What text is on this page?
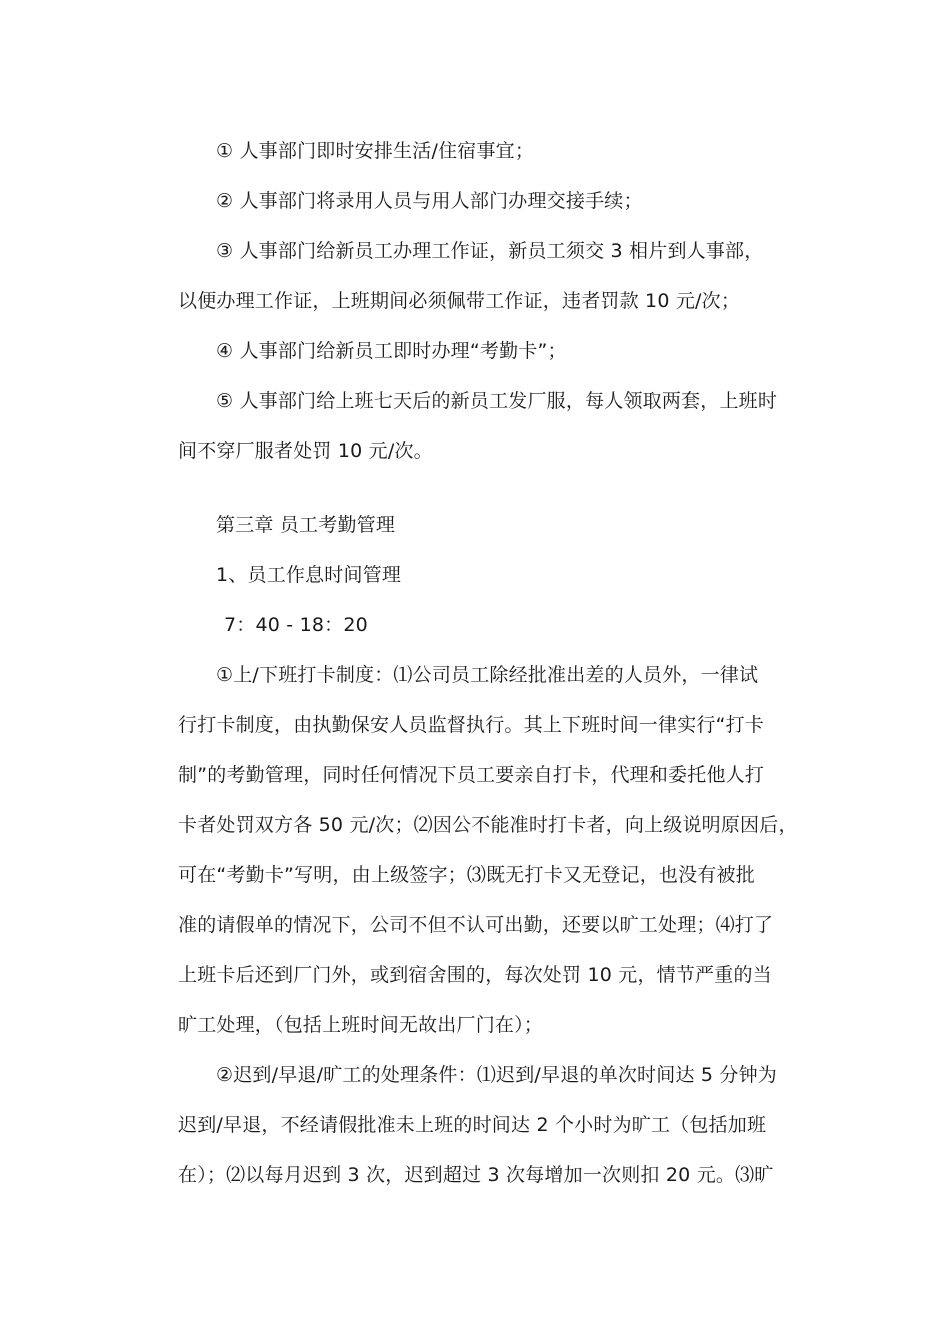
① 人事部门即时安排生活/住宿事宜；
② 人事部门将录用人员与用人部门办理交接手续；
③ 人事部门给新员工办理工作证，新员工须交 3 相片到人事部，
以便办理工作证，上班期间必须佩带工作证，违者罚款 10 元/次；
④ 人事部门给新员工即时办理“考勤卡”；
⑤ 人事部门给上班七天后的新员工发厂服，每人领取两套，上班时
间不穿厂服者处罚 10 元/次。
第三章 员工考勤管理
1、员工作息时间管理
7：40 - 18：20
①上/下班打卡制度：⑴公司员工除经批准出差的人员外，一律试
行打卡制度，由执勤保安人员监督执行。其上下班时间一律实行“打卡
制”的考勤管理，同时任何情况下员工要亲自打卡，代理和委托他人打
卡者处罚双方各 50 元/次；⑵因公不能准时打卡者，向上级说明原因后，
可在“考勤卡”写明，由上级签字；⑶既无打卡又无登记，也没有被批
准的请假单的情况下，公司不但不认可出勤，还要以旷工处理；⑷打了
上班卡后还到厂门外，或到宿舍围的，每次处罚 10 元，情节严重的当
旷工处理，（包括上班时间无故出厂门在）；
②迟到/早退/旷工的处理条件：⑴迟到/早退的单次时间达 5 分钟为
迟到/早退，不经请假批准未上班的时间达 2 个小时为旷工（包括加班
在）；⑵以每月迟到 3 次，迟到超过 3 次每增加一次则扣 20 元。⑶旷
